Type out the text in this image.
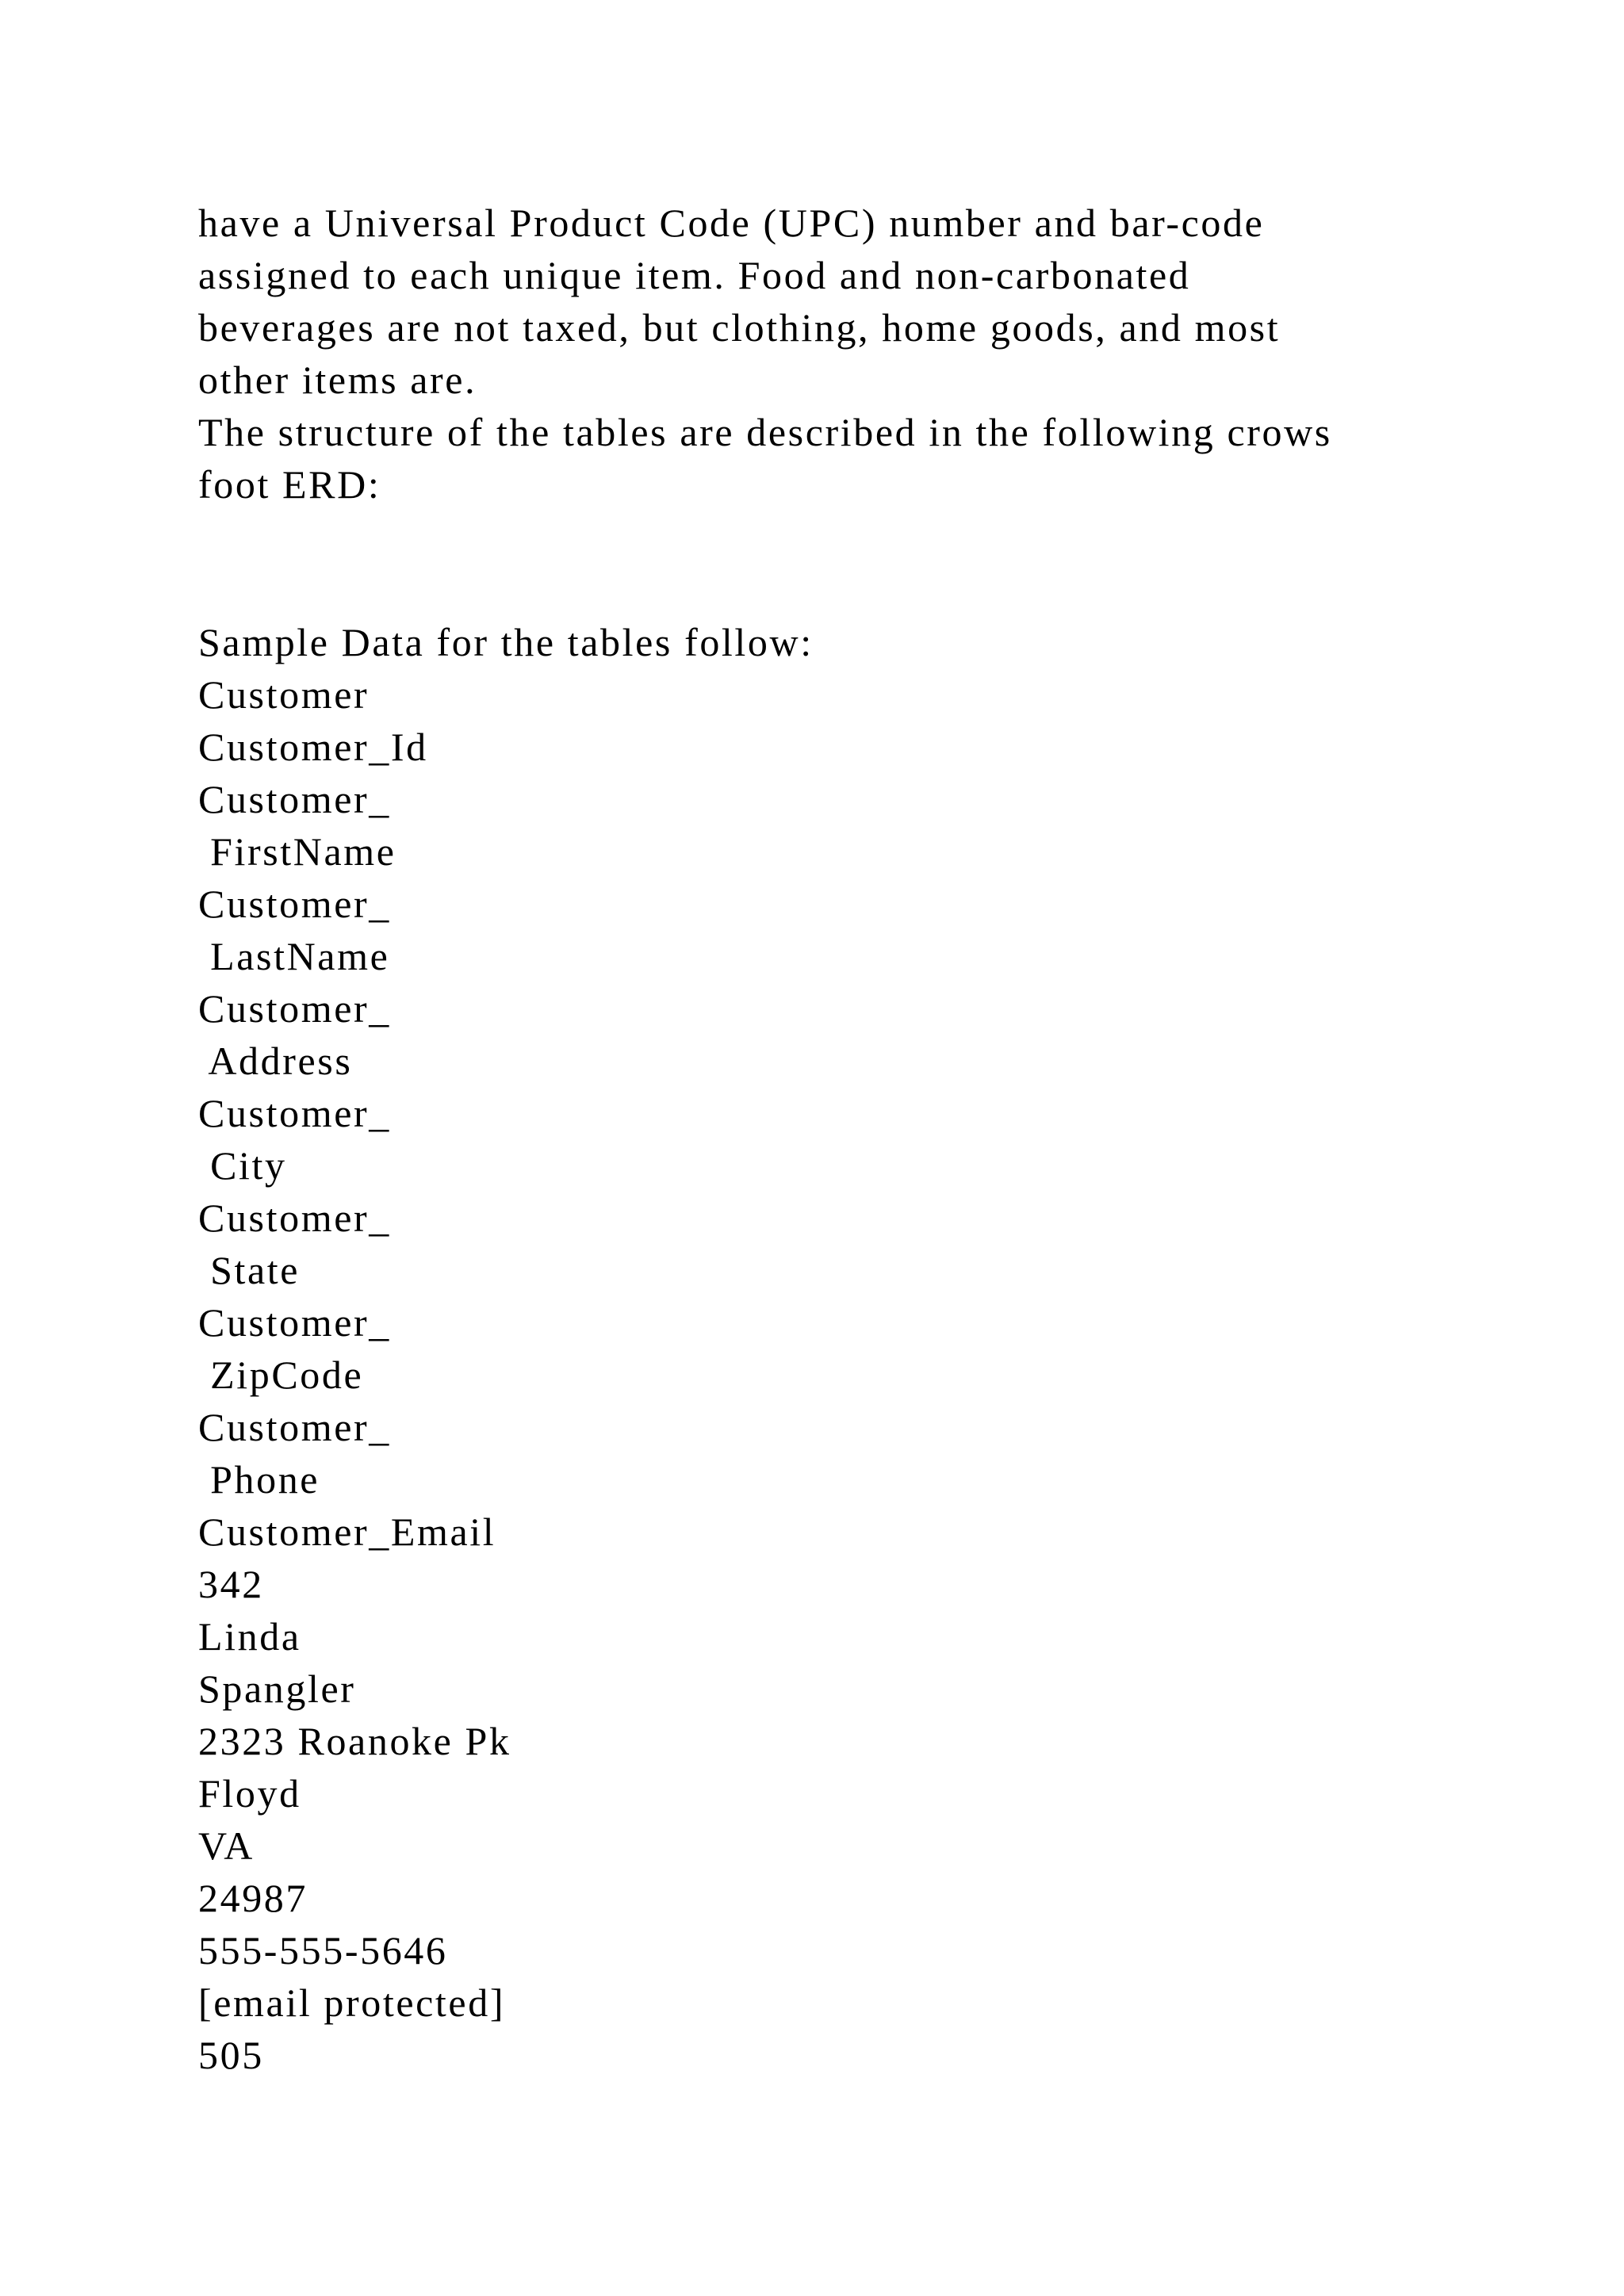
have a Universal Product Code (UPC) number and bar-code
assigned to each unique item. Food and non-carbonated
beverages are not taxed, but clothing, home goods, and most
other items are.
The structure of the tables are described in the following crows
foot ERD:
Sample Data for the tables follow:
Customer
Customer_Id
Customer_
FirstName
Customer_
LastName
Customer_
Address
Customer_
City
Customer_
State
Customer_
ZipCode
Customer_
Phone
Customer_Email
342
Linda
Spangler
2323 Roanoke Pk
Floyd
VA
24987
555-555-5646
[email protected]
505
